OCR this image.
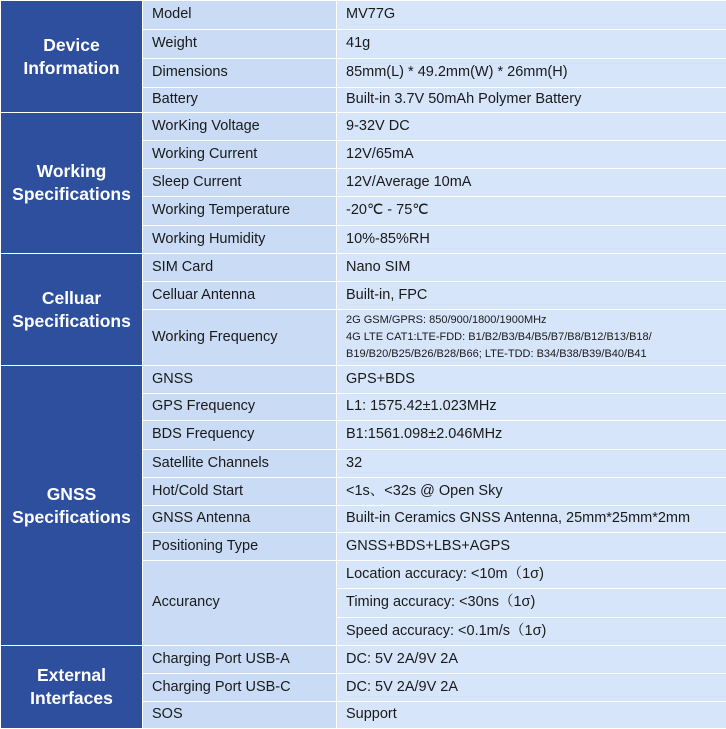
Device
Information	Model	MV77G
	Weight	41g
	Dimensions	85mm(L) * 49.2mm(W) * 26mm(H)
	Battery	Built-in 3.7V 50mAh Polymer Battery

Working
Specifications	WorKing Voltage	9-32V DC
	Working Current	12V/65mA
	Sleep Current	12V/Average 10mA
	Working Temperature	-20℃ - 75℃
	Working Humidity	10%-85%RH

Celluar
Specifications	SIM Card	Nano SIM
	Celluar Antenna	Built-in, FPC
	Working Frequency	2G GSM/GPRS: 850/900/1800/1900MHz
4G LTE CAT1:LTE-FDD: B1/B2/B3/B4/B5/B7/B8/B12/B13/B18/
B19/B20/B25/B26/B28/B66; LTE-TDD: B34/B38/B39/B40/B41

GNSS
Specifications	GNSS	GPS+BDS
	GPS Frequency	L1: 1575.42±1.023MHz
	BDS Frequency	B1:1561.098±2.046MHz
	Satellite Channels	32
	Hot/Cold Start	<1s、<32s @ Open Sky
	GNSS Antenna	Built-in Ceramics GNSS Antenna, 25mm*25mm*2mm
	Positioning Type	GNSS+BDS+LBS+AGPS
	Accurancy	Location accuracy: <10m（1σ)
		Timing accuracy: <30ns（1σ)
		Speed accuracy: <0.1m/s（1σ)

External
Interfaces	Charging Port USB-A	DC: 5V 2A/9V 2A
	Charging Port USB-C	DC: 5V 2A/9V 2A
	SOS	Support
